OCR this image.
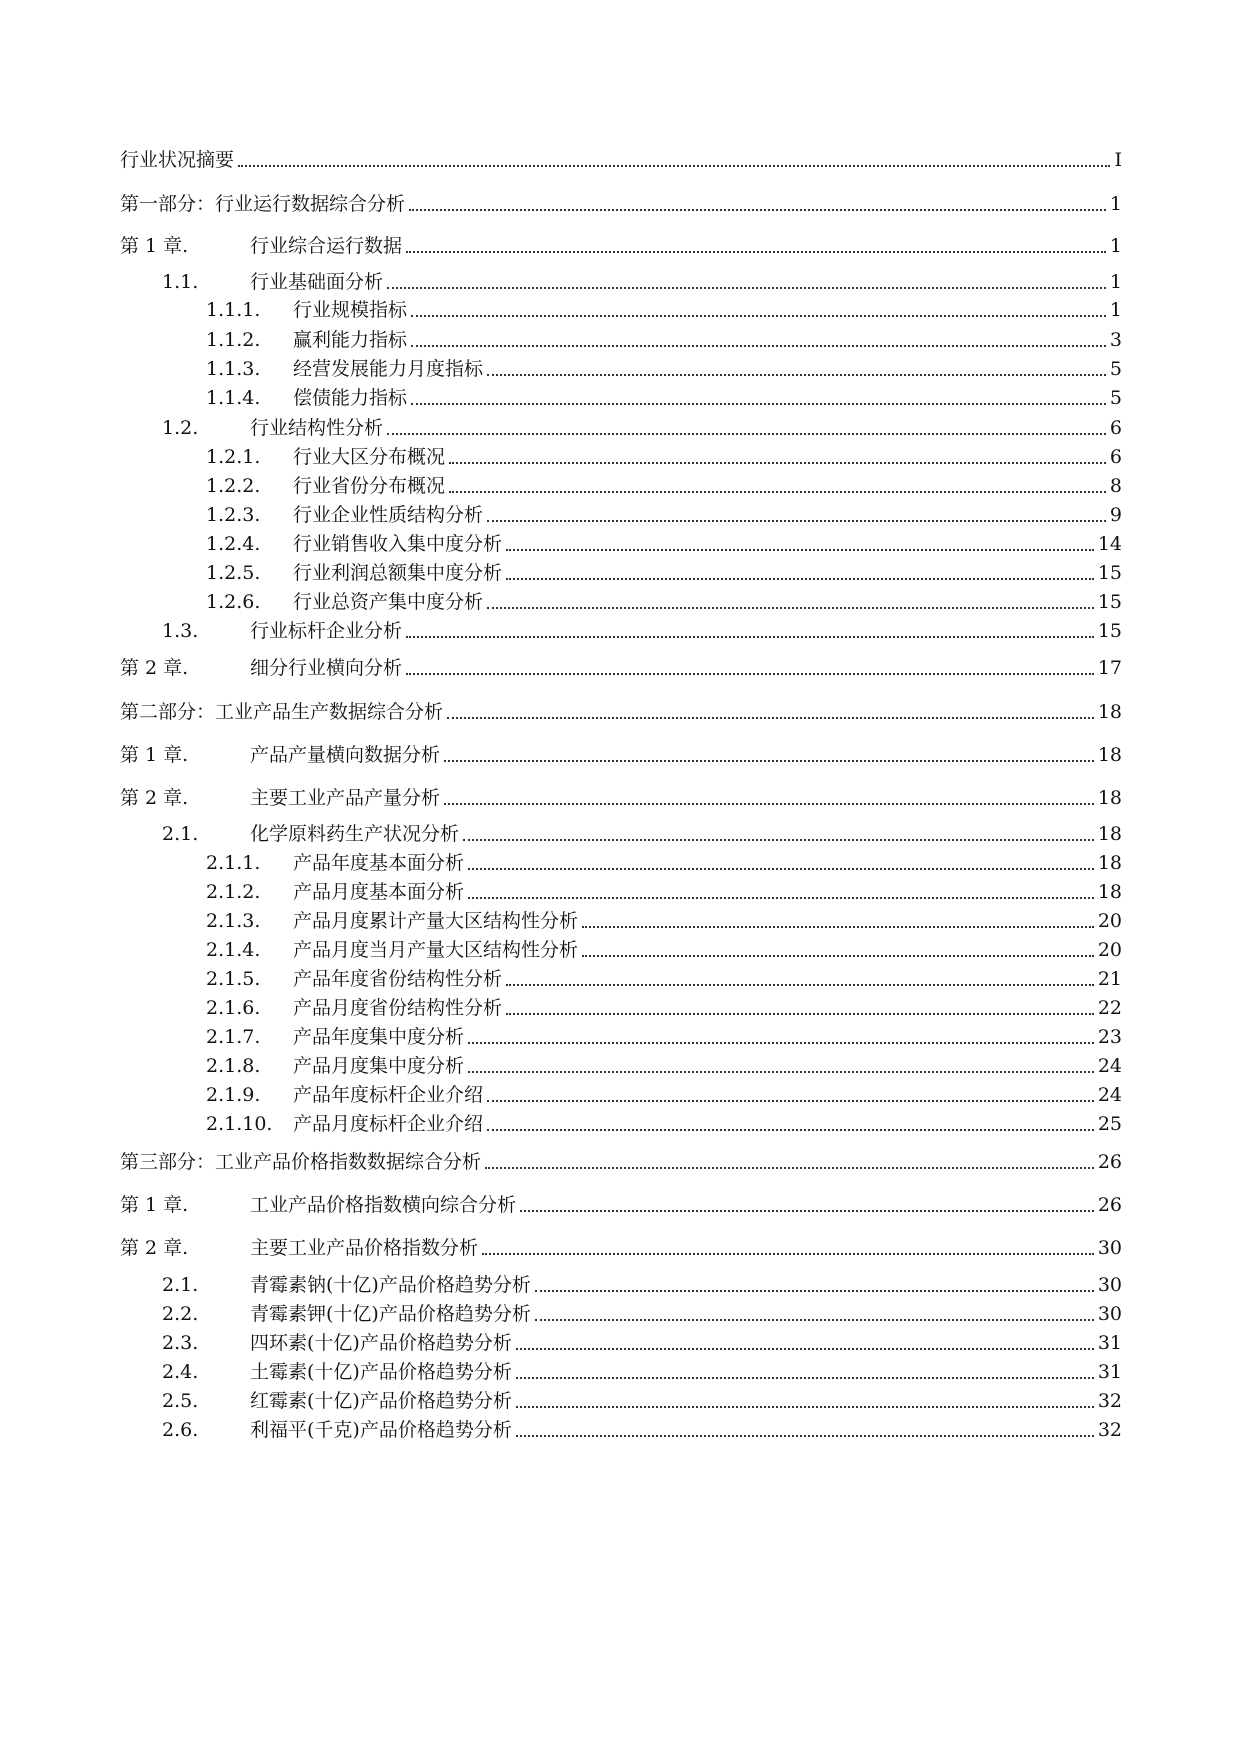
行业状况摘要	I
第一部分：行业运行数据综合分析	1
第 1 章.	行业综合运行数据	1
1.1.	行业基础面分析	1
1.1.1. 行业规模指标	1
1.1.2. 赢利能力指标	3
1.1.3. 经营发展能力月度指标	5
1.1.4. 偿债能力指标	5
1.2.	行业结构性分析	6
1.2.1. 行业大区分布概况	6
1.2.2. 行业省份分布概况	8
1.2.3. 行业企业性质结构分析	9
1.2.4. 行业销售收入集中度分析	14
1.2.5. 行业利润总额集中度分析	15
1.2.6. 行业总资产集中度分析	15
1.3.	行业标杆企业分析	15
第 2 章.	细分行业横向分析	17
第二部分：工业产品生产数据综合分析	18
第 1 章.	产品产量横向数据分析	18
第 2 章.	主要工业产品产量分析	18
2.1.	化学原料药生产状况分析	18
2.1.1. 产品年度基本面分析	18
2.1.2. 产品月度基本面分析	18
2.1.3. 产品月度累计产量大区结构性分析	20
2.1.4. 产品月度当月产量大区结构性分析	20
2.1.5. 产品年度省份结构性分析	21
2.1.6. 产品月度省份结构性分析	22
2.1.7. 产品年度集中度分析	23
2.1.8. 产品月度集中度分析	24
2.1.9. 产品年度标杆企业介绍	24
2.1.10. 产品月度标杆企业介绍	25
第三部分：工业产品价格指数数据综合分析	26
第 1 章.	工业产品价格指数横向综合分析	26
第 2 章.	主要工业产品价格指数分析	30
2.1.	青霉素钠(十亿)产品价格趋势分析	30
2.2.	青霉素钾(十亿)产品价格趋势分析	30
2.3.	四环素(十亿)产品价格趋势分析	31
2.4.	土霉素(十亿)产品价格趋势分析	31
2.5.	红霉素(十亿)产品价格趋势分析	32
2.6.	利福平(千克)产品价格趋势分析	32
